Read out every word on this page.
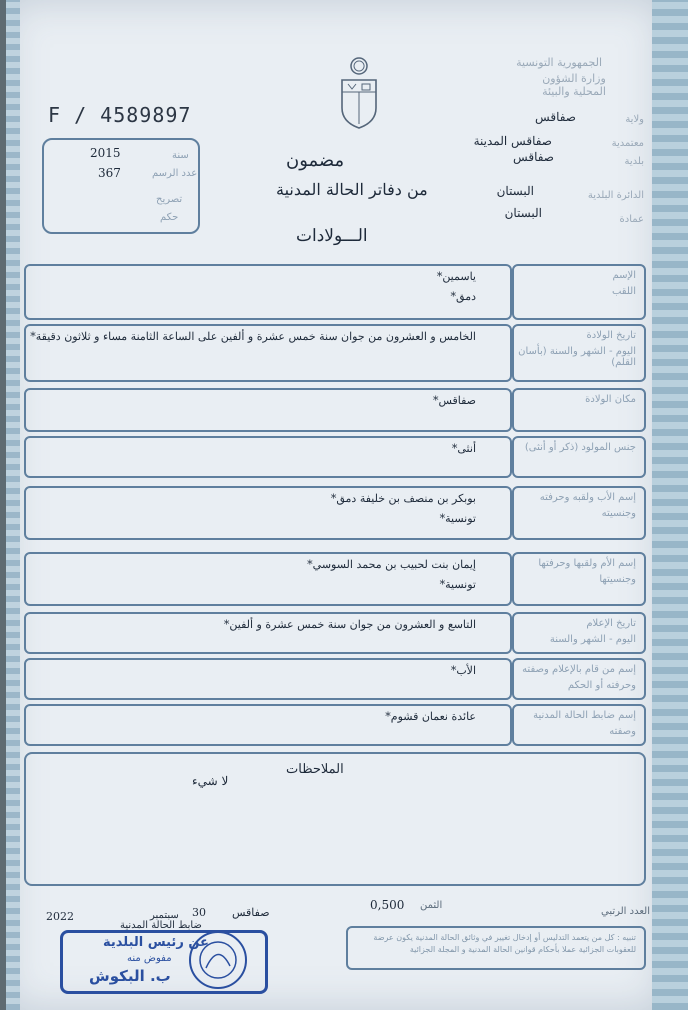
الجمهورية التونسية
وزارة الشؤون المحلية والبيئة
ولاية
صفاقس
معتمدية
صفاقس المدينة
بلدية
صفاقس
الدائرة البلدية
البستان
عمادة
البستان
F / 4589897
2015
367
سنة
عدد الرسم
تصريح
حكم
مضمون
من دفاتر الحالة المدنية
الـــولادات
الإسم
اللقب
ياسمين*
دمق*
تاريخ الولادة
اليوم - الشهر والسنة (بأسان القلم)
الخامس و العشرون من جوان سنة خمس عشرة و ألفين على الساعة الثامنة مساء و ثلاثون دقيقة*
مكان الولادة
صفاقس*
جنس المولود (ذكر أو أنثى)
أنثى*
إسم الأب ولقبه وحرفته
وجنسيته
بوبكر بن منصف بن خليفة دمق*
تونسية*
إسم الأم ولقبها وحرفتها
وجنسيتها
إيمان بنت لحبيب بن محمد السوسي*
تونسية*
تاريخ الإعلام
اليوم - الشهر والسنة
التاسع و العشرون من جوان سنة خمس عشرة و ألفين*
إسم من قام بالإعلام وصفته
وحرفته أو الحكم
الأب*
إسم ضابط الحالة المدنية
وصفته
عائدة نعمان قشوم*
الملاحظات
لا شيء
العدد الرتبي
الثمن
0,500
صفاقس
30
سبتمبر
2022
ضابط الحالة المدنية
تنبيه : كل من يتعمد التدليس أو إدخال تغيير في وثائق الحالة المدنية يكون عرضة للعقوبات الجزائية عملا بأحكام قوانين الحالة المدنية و المجلة الجزائية
عن رئيس البلدية
مفوض منه
ب. البكوش
